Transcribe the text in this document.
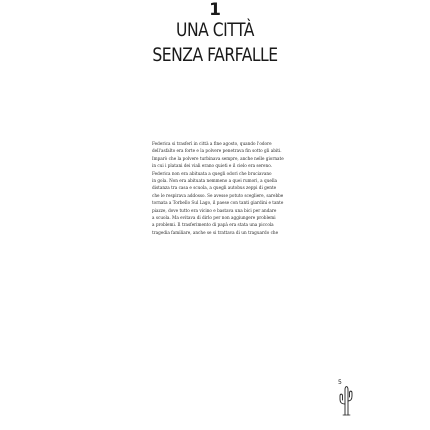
1
UNA CITTÀ
SENZA FARFALLE
Federica si trasferì in città a fine agosto, quando l'odore
dell'asfalto era forte e la polvere penetrava fin sotto gli abiti.
Imparò che la polvere turbinava sempre, anche nelle giornate
in cui i platani dei viali erano quieti e il cielo era sereno.
Federica non era abituata a quegli odori che bruciavano
in gola. Non era abituata nemmeno a quei rumori, a quella
distanza tra casa e scuola, a quegli autobus zeppi di gente
che le respirava addosso. Se avesse potuto scegliere, sarebbe
tornata a Torbello Sul Lago, il paese con tanti giardini e tante
piazze, dove tutto era vicino e bastava una bici per andare
a scuola. Ma evitava di dirlo per non aggiungere problemi
a problemi. Il trasferimento di papà era stata una piccola
tragedia familiare, anche se si trattava di un traguardo che
5
